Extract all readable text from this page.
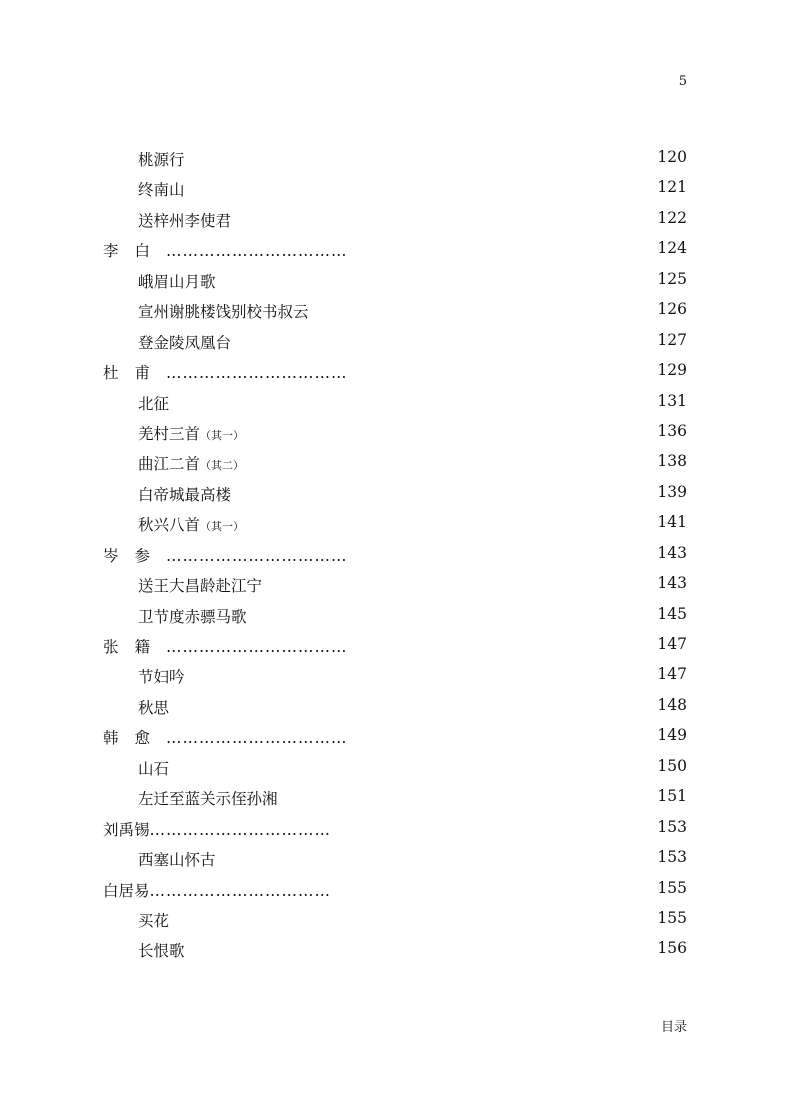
5
桃源行	120
终南山	121
送梓州李使君	122
李白……………………………	124
峨眉山月歌	125
宣州谢朓楼饯别校书叔云	126
登金陵凤凰台	127
杜甫……………………………	129
北征	131
羌村三首（其一）	136
曲江二首（其二）	138
白帝城最高楼	139
秋兴八首（其一）	141
岑参……………………………	143
送王大昌龄赴江宁	143
卫节度赤骠马歌	145
张籍……………………………	147
节妇吟	147
秋思	148
韩愈……………………………	149
山石	150
左迁至蓝关示侄孙湘	151
刘禹锡……………………………	153
西塞山怀古	153
白居易……………………………	155
买花	155
长恨歌	156
目录
